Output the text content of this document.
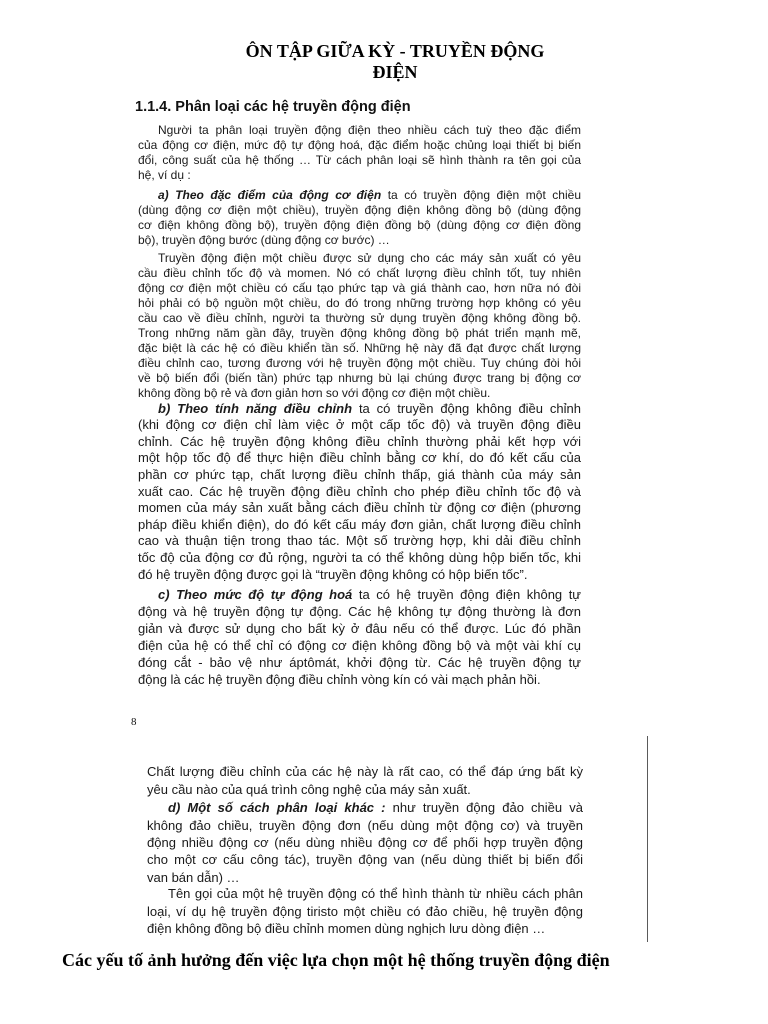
ÔN TẬP GIỮA KỲ - TRUYỀN ĐỘNG ĐIỆN
1.1.4. Phân loại các hệ truyền động điện
Người ta phân loại truyền động điện theo nhiều cách tuỳ theo đặc điểm
của động cơ điện, mức độ tự động hoá, đặc điểm hoặc chủng loại thiết bị biến
đổi, công suất của hệ thống … Từ cách phân loại sẽ hình thành ra tên gọi của
hệ, ví dụ :
a) Theo đặc điểm của động cơ điện ta có truyền động điện một chiều
(dùng động cơ điện một chiều), truyền động điện không đồng bộ (dùng động
cơ điện không đồng bộ), truyền động điện đồng bộ (dùng động cơ điện đồng
bộ), truyền động bước (dùng động cơ bước) …
Truyền động điện một chiều được sử dụng cho các máy sản xuất có yêu
cầu điều chỉnh tốc độ và momen. Nó có chất lượng điều chỉnh tốt, tuy nhiên
động cơ điện một chiều có cấu tạo phức tạp và giá thành cao, hơn nữa nó đòi
hỏi phải có bộ nguồn một chiều, do đó trong những trường hợp không có yêu
cầu cao về điều chỉnh, người ta thường sử dụng truyền động không đồng bộ.
Trong những năm gần đây, truyền động không đồng bộ phát triển mạnh mẽ,
đặc biệt là các hệ có điều khiển tần số. Những hệ này đã đạt được chất lượng
điều chỉnh cao, tương đương với hệ truyền động một chiều. Tuy chúng đòi hỏi
về bộ biến đổi (biến tần) phức tạp nhưng bù lại chúng được trang bị động cơ
không đồng bộ rẻ và đơn giản hơn so với động cơ điện một chiều.
b) Theo tính năng điều chỉnh ta có truyền động không điều chỉnh
(khi động cơ điện chỉ làm việc ở một cấp tốc độ) và truyền động điều
chỉnh. Các hệ truyền động không điều chỉnh thường phải kết hợp với
một hộp tốc độ để thực hiện điều chỉnh bằng cơ khí, do đó kết cấu của
phần cơ phức tạp, chất lượng điều chỉnh thấp, giá thành của máy sản
xuất cao. Các hệ truyền động điều chỉnh cho phép điều chỉnh tốc độ và
momen của máy sản xuất bằng cách điều chỉnh từ động cơ điện (phương
pháp điều khiển điện), do đó kết cấu máy đơn giản, chất lượng điều chỉnh
cao và thuận tiện trong thao tác. Một số trường hợp, khi dải điều chỉnh
tốc độ của động cơ đủ rộng, người ta có thể không dùng hộp biến tốc, khi
đó hệ truyền động được gọi là “truyền động không có hộp biến tốc”.
c) Theo mức độ tự động hoá ta có hệ truyền động điện không tự
động và hệ truyền động tự động. Các hệ không tự động thường là đơn
giản và được sử dụng cho bất kỳ ở đâu nếu có thể được. Lúc đó phần
điện của hệ có thể chỉ có động cơ điện không đồng bộ và một vài khí cụ
đóng cắt - bảo vệ như áptômát, khởi động từ. Các hệ truyền động tự
động là các hệ truyền động điều chỉnh vòng kín có vài mạch phản hồi.
8
Chất lượng điều chỉnh của các hệ này là rất cao, có thể đáp ứng bất kỳ
yêu cầu nào của quá trình công nghệ của máy sản xuất.
d) Một số cách phân loại khác : như truyền động đảo chiều và
không đảo chiều, truyền động đơn (nếu dùng một động cơ) và truyền
động nhiều động cơ (nếu dùng nhiều động cơ để phối hợp truyền động
cho một cơ cấu công tác), truyền động van (nếu dùng thiết bị biến đổi
van bán dẫn) …
Tên gọi của một hệ truyền động có thể hình thành từ nhiều cách phân
loại, ví dụ hệ truyền động tiristo một chiều có đảo chiều, hệ truyền động
điện không đồng bộ điều chỉnh momen dùng nghịch lưu dòng điện …
Các yếu tố ảnh hưởng đến việc lựa chọn một hệ thống truyền động điện
